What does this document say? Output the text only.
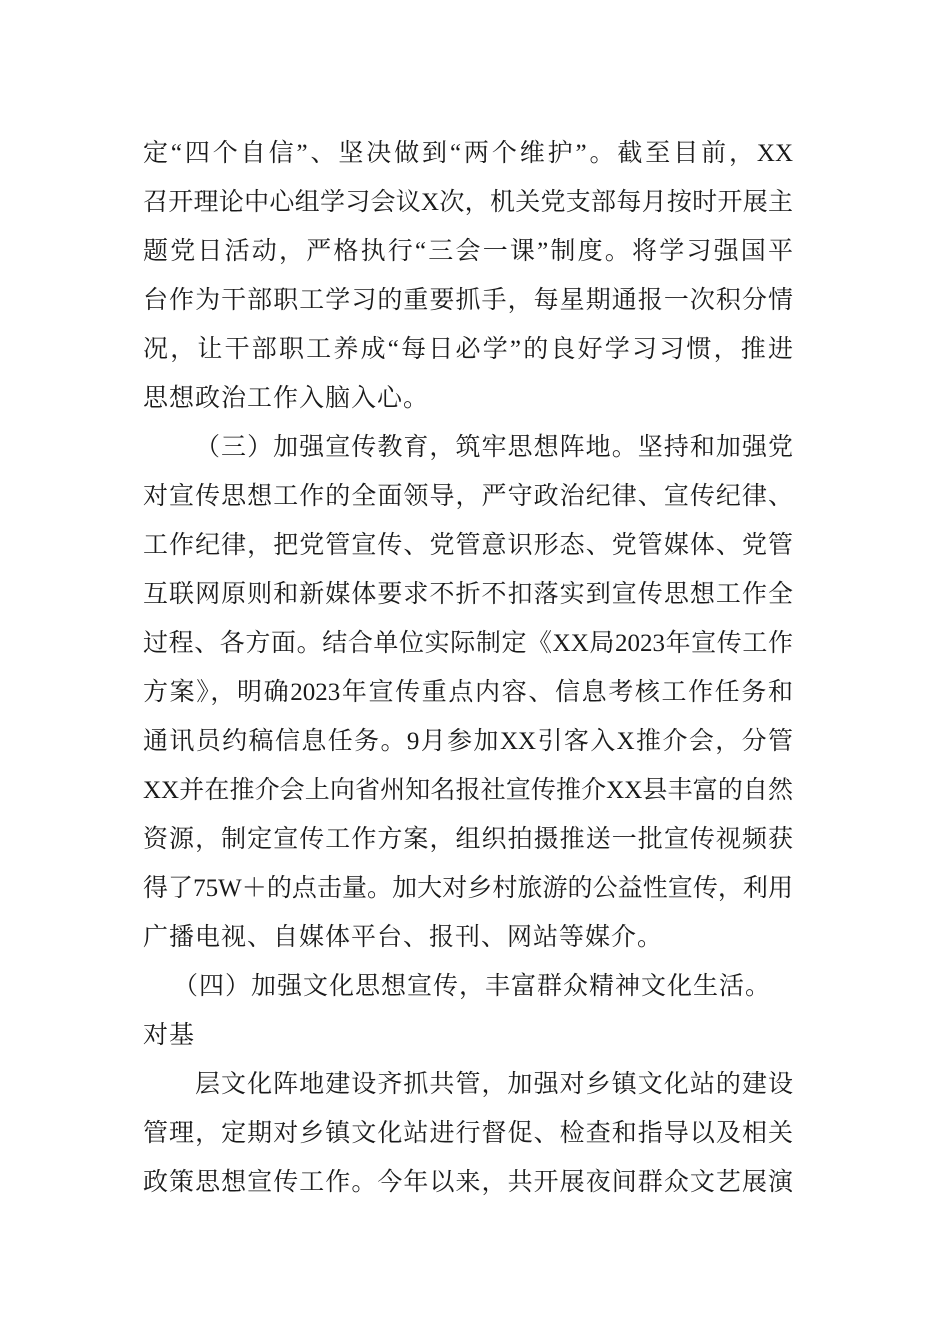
定“四个自信”、坚决做到“两个维护”。截至目前，XX
召开理论中心组学习会议X次，机关党支部每月按时开展主
题党日活动，严格执行“三会一课”制度。将学习强国平
台作为干部职工学习的重要抓手，每星期通报一次积分情
况，让干部职工养成“每日必学”的良好学习习惯，推进
思想政治工作入脑入心。
（三）加强宣传教育，筑牢思想阵地。坚持和加强党
对宣传思想工作的全面领导，严守政治纪律、宣传纪律、
工作纪律，把党管宣传、党管意识形态、党管媒体、党管
互联网原则和新媒体要求不折不扣落实到宣传思想工作全
过程、各方面。结合单位实际制定《XX局2023年宣传工作
方案》，明确2023年宣传重点内容、信息考核工作任务和
通讯员约稿信息任务。9月参加XX引客入X推介会，分管
XX并在推介会上向省州知名报社宣传推介XX县丰富的自然
资源，制定宣传工作方案，组织拍摄推送一批宣传视频获
得了75W＋的点击量。加大对乡村旅游的公益性宣传，利用
广播电视、自媒体平台、报刊、网站等媒介。
（四）加强文化思想宣传，丰富群众精神文化生活。
对基
层文化阵地建设齐抓共管，加强对乡镇文化站的建设
管理，定期对乡镇文化站进行督促、检查和指导以及相关
政策思想宣传工作。今年以来，共开展夜间群众文艺展演
